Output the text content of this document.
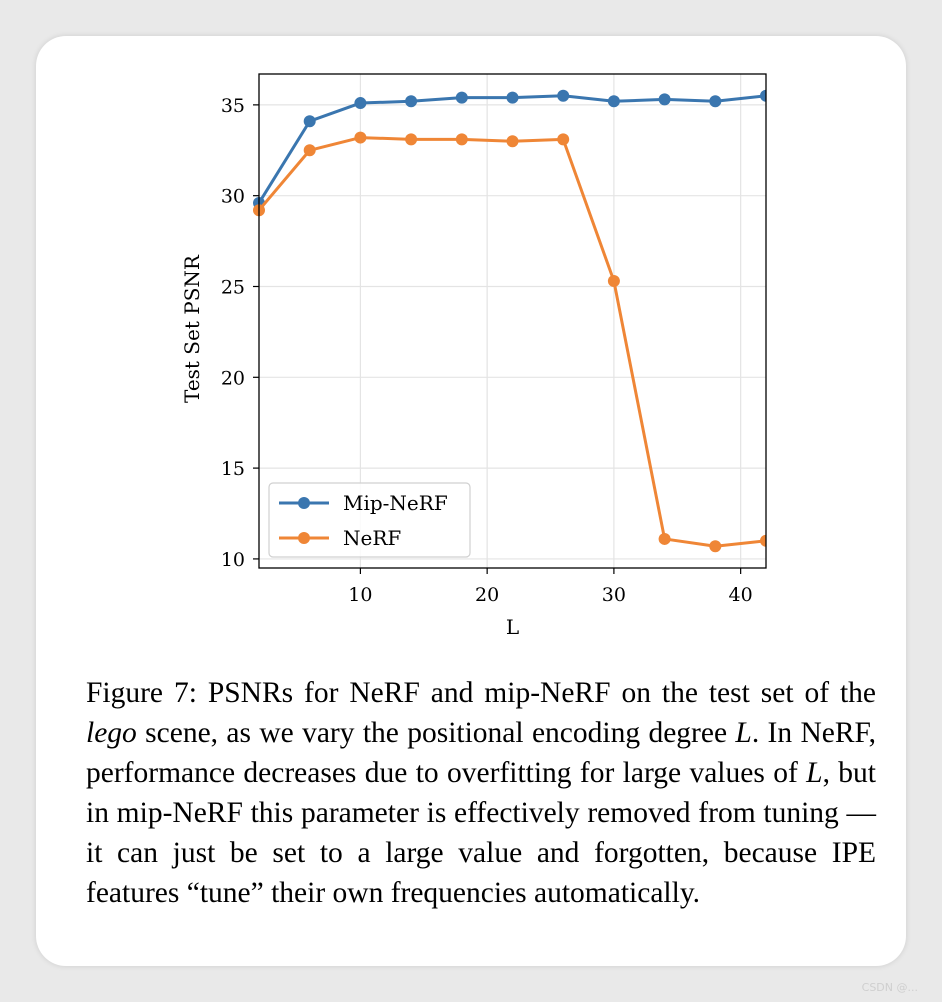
10	20	30	40
10
15
20
25
30
35
L
Test Set PSNR
Mip-NeRF
NeRF

Figure 7: PSNRs for NeRF and mip-NeRF on the test set of the lego scene, as we vary the positional encoding degree L. In NeRF, performance decreases due to overfitting for large values of L, but in mip-NeRF this parameter is effectively removed from tuning — it can just be set to a large value and forgotten, because IPE features “tune” their own frequencies automatically.

CSDN @...
